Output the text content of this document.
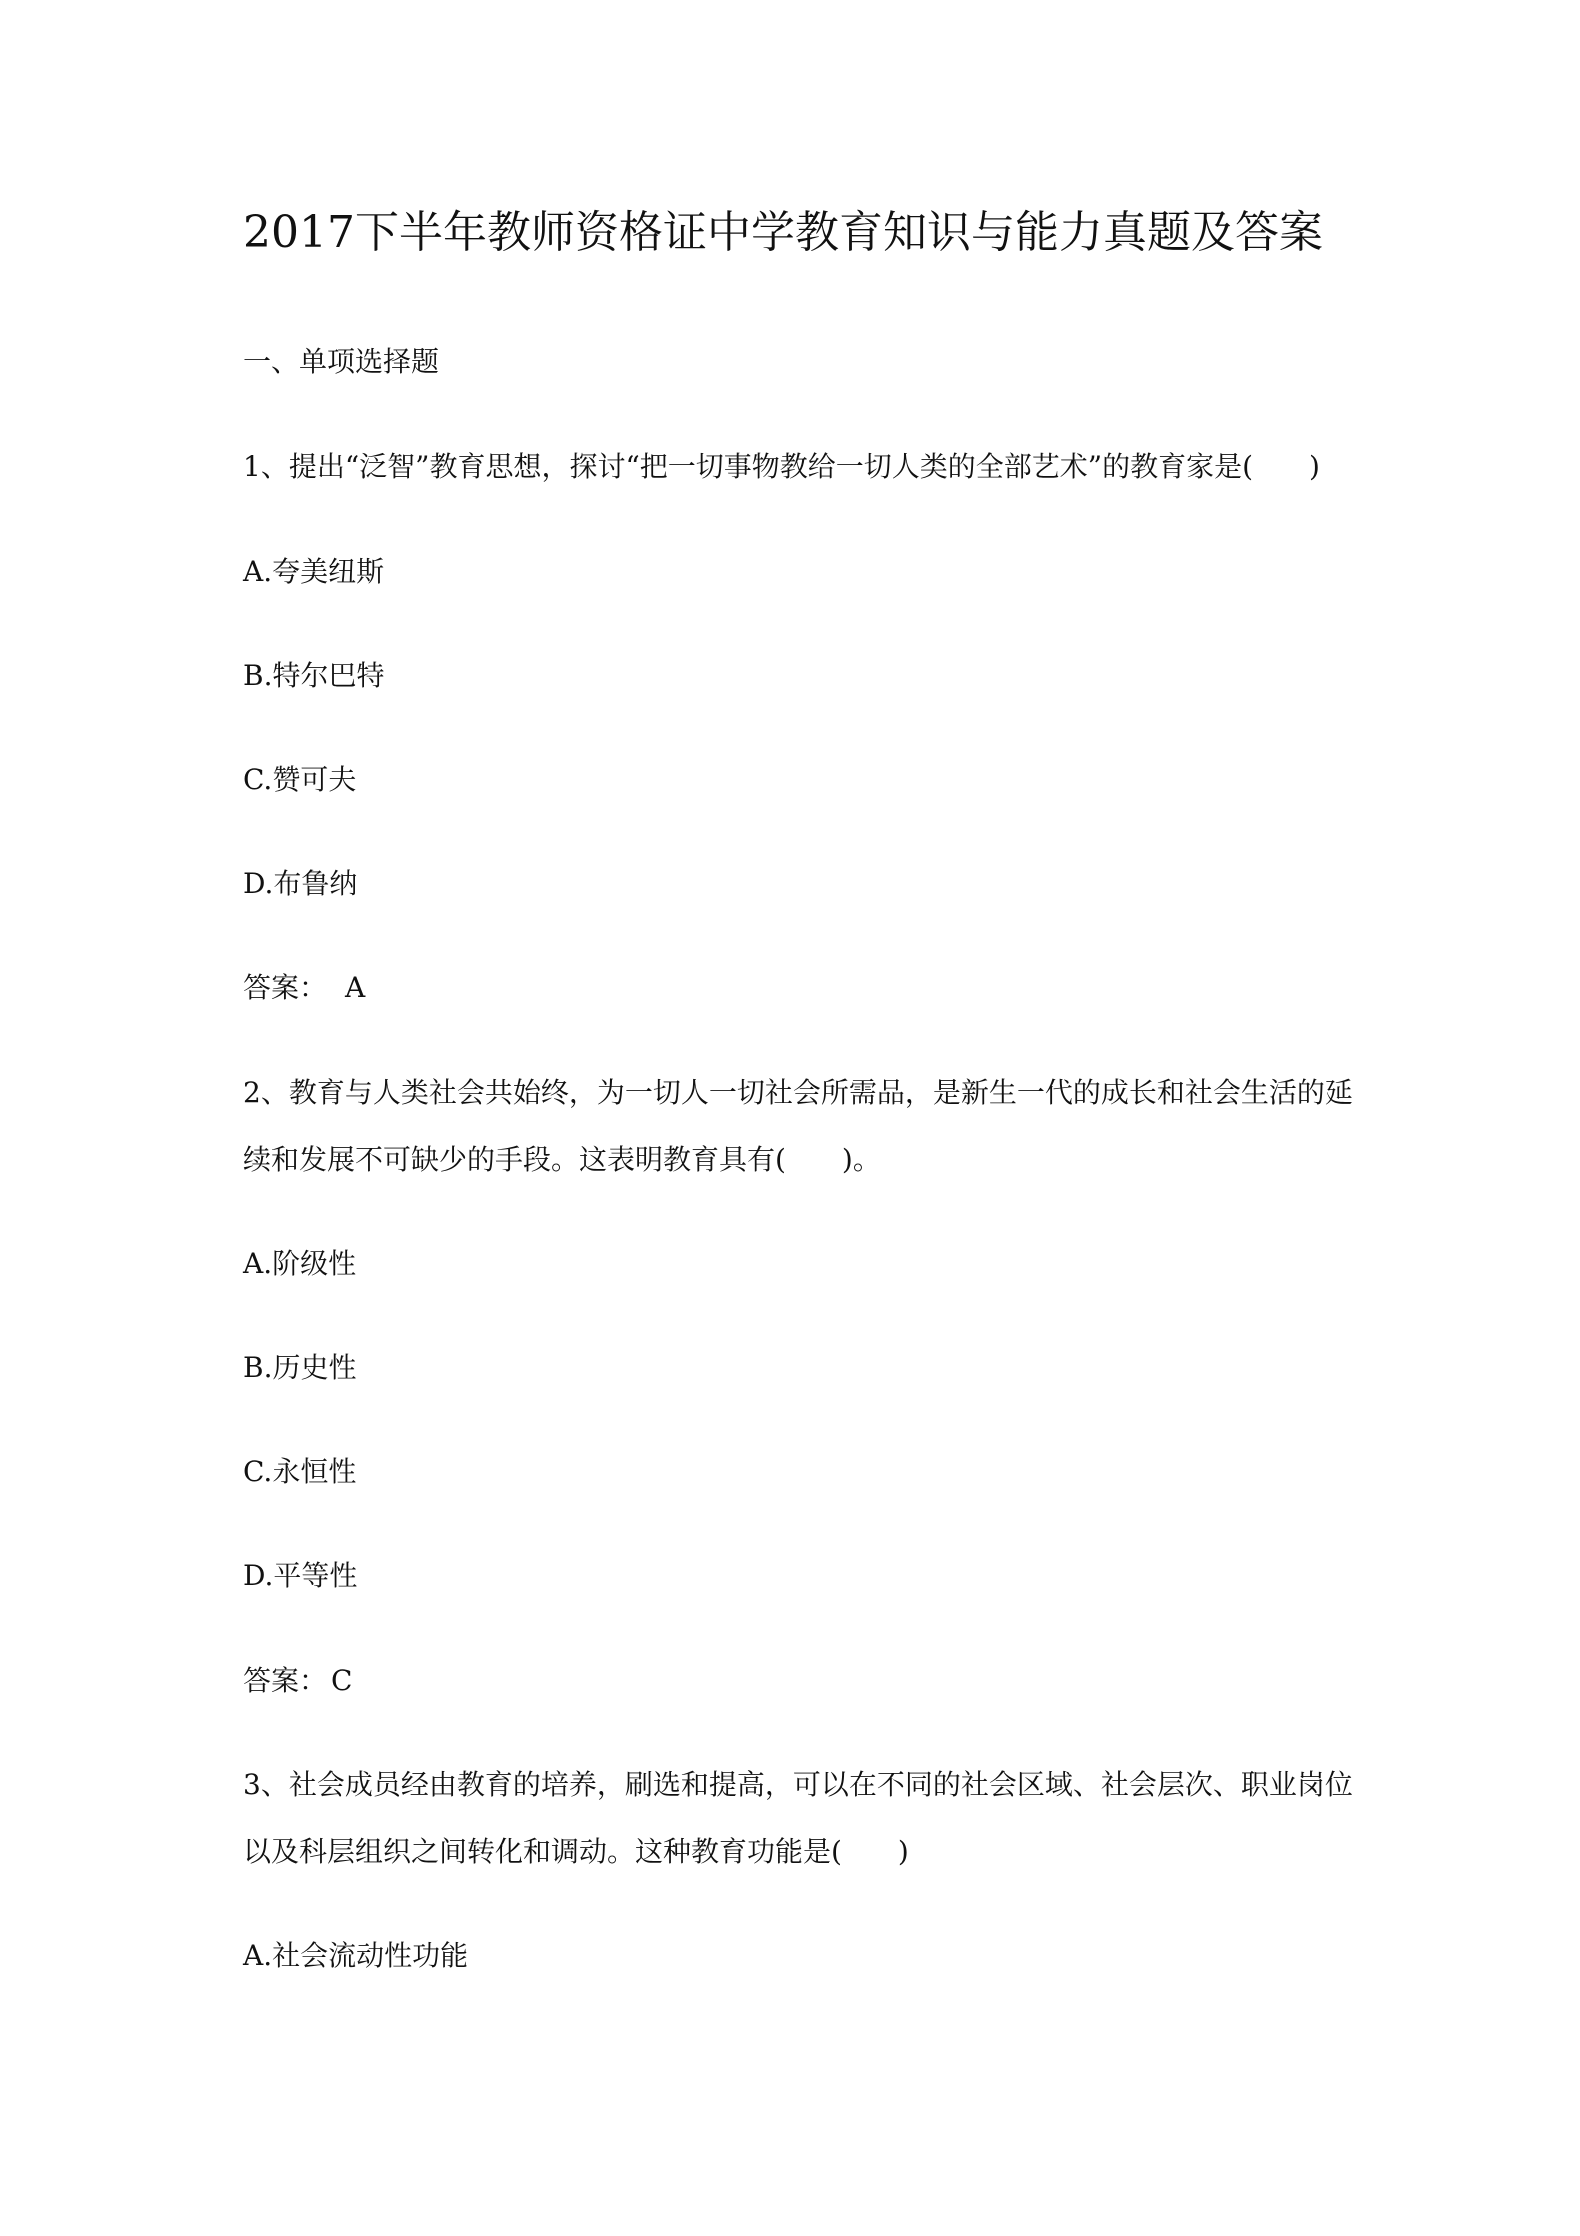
2017下半年教师资格证中学教育知识与能力真题及答案
一、单项选择题
1、提出“泛智”教育思想，探讨“把一切事物教给一切人类的全部艺术”的教育家是(　　)
A.夸美纽斯
B.特尔巴特
C.赞可夫
D.布鲁纳
答案： A
2、教育与人类社会共始终，为一切人一切社会所需品，是新生一代的成长和社会生活的延
续和发展不可缺少的手段。这表明教育具有(　　)。
A.阶级性
B.历史性
C.永恒性
D.平等性
答案： C
3、社会成员经由教育的培养，刷选和提高，可以在不同的社会区域、社会层次、职业岗位
以及科层组织之间转化和调动。这种教育功能是(　　)
A.社会流动性功能
